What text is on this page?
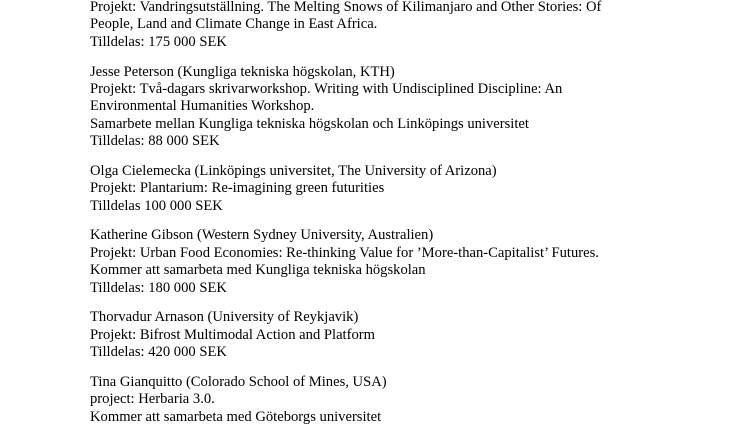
Projekt: Vandringsutställning. The Melting Snows of Kilimanjaro and Other Stories: Of People, Land and Climate Change in East Africa.
Tilldelas: 175 000 SEK
Jesse Peterson (Kungliga tekniska högskolan, KTH)
Projekt: Två-dagars skrivarworkshop. Writing with Undisciplined Discipline: An Environmental Humanities Workshop.
Samarbete mellan Kungliga tekniska högskolan och Linköpings universitet
Tilldelas: 88 000 SEK
Olga Cielemecka (Linköpings universitet, The University of Arizona)
Projekt: Plantarium: Re-imagining green futurities
Tilldelas 100 000 SEK
Katherine Gibson (Western Sydney University, Australien)
Projekt: Urban Food Economies: Re-thinking Value for ’More-than-Capitalist’ Futures.
Kommer att samarbeta med Kungliga tekniska högskolan
Tilldelas: 180 000 SEK
Thorvadur Arnason (University of Reykjavik)
Projekt: Bifrost Multimodal Action and Platform
Tilldelas: 420 000 SEK
Tina Gianquitto (Colorado School of Mines, USA)
project: Herbaria 3.0.
Kommer att samarbeta med Göteborgs universitet
